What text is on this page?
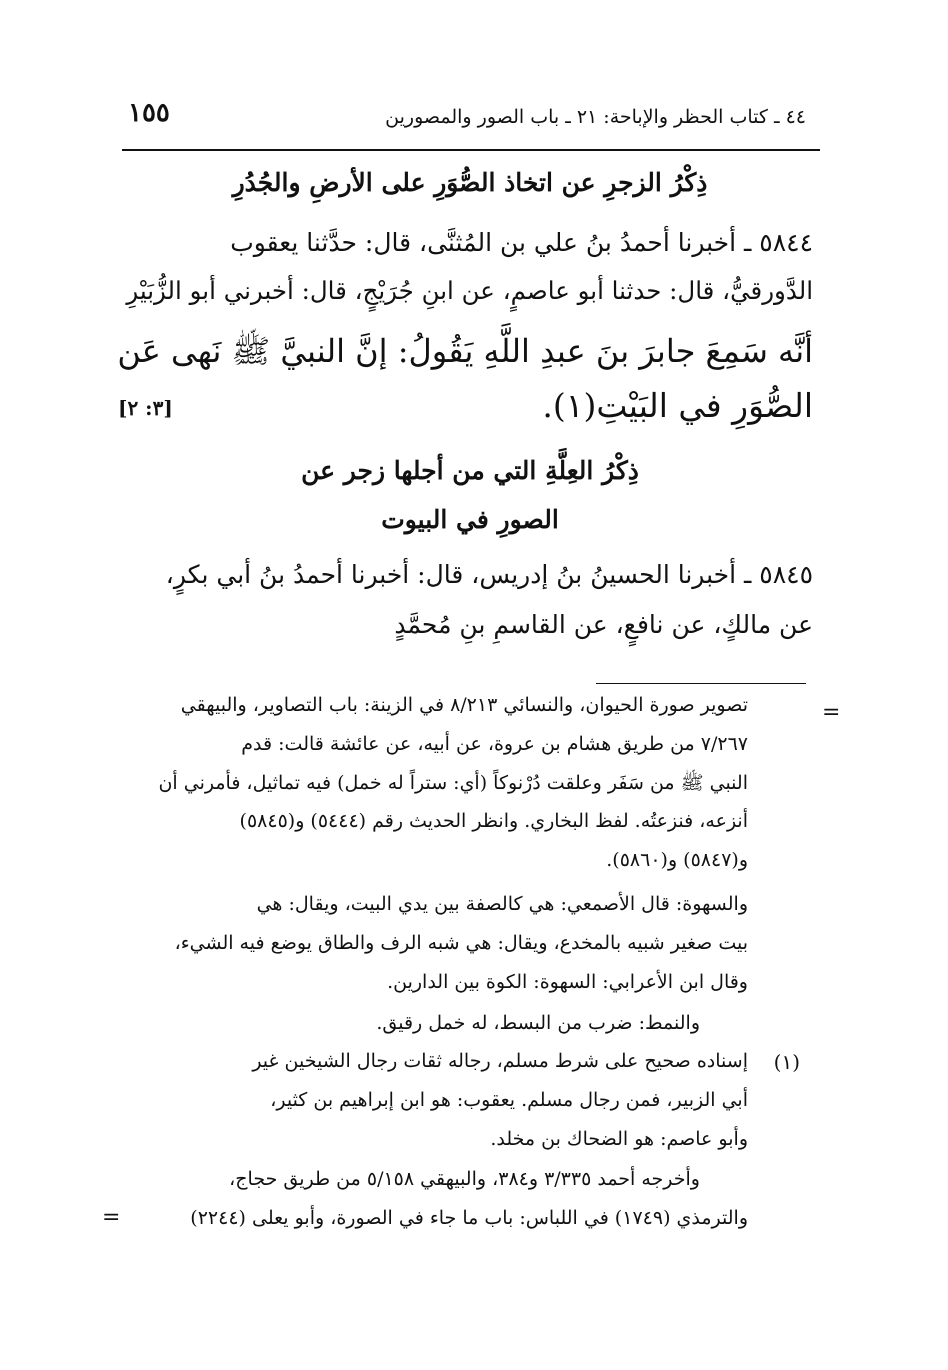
١٥٥	٤٤ ـ كتاب الحظر والإباحة: ٢١ ـ باب الصور والمصورين
ذِكْرُ الزجرِ عن اتخاذ الصُّوَرِ على الأرضِ والجُدُرِ
٥٨٤٤ ـ أخبرنا أحمدُ بنُ علي بن المُثنَّى، قال: حدَّثنا يعقوب
الدَّورقيُّ، قال: حدثنا أبو عاصمٍ، عن ابنِ جُرَيْجٍ، قال: أخبرني أبو الزُّبَيْرِ
أنَّه سَمِعَ جابرَ بنَ عبدِ اللَّهِ يَقُولُ: إنَّ النبيَّ ﷺ نَهى عَن
الصُّوَرِ في البَيْتِ(١).
[٣: ٢]
ذِكْرُ العِلَّةِ التي من أجلها زجر عن
الصورِ في البيوت
٥٨٤٥ ـ أخبرنا الحسينُ بنُ إدريس، قال: أخبرنا أحمدُ بنُ أبي بكرٍ،
عن مالكٍ، عن نافعٍ، عن القاسمِ بنِ مُحمَّدٍ
=
تصوير صورة الحيوان، والنسائي ٨/٢١٣ في الزينة: باب التصاوير، والبيهقي
٧/٢٦٧ من طريق هشام بن عروة، عن أبيه، عن عائشة قالت: قدم
النبي ﷺ من سَفَر وعلقت دُرْنوكاً (أي: ستراً له خمل) فيه تماثيل، فأمرني أن
أنزعه، فنزعتُه. لفظ البخاري. وانظر الحديث رقم (٥٤٤٤) و(٥٨٤٥)
و(٥٨٤٧) و(٥٨٦٠).
والسهوة: قال الأصمعي: هي كالصفة بين يدي البيت، ويقال: هي
بيت صغير شبيه بالمخدع، ويقال: هي شبه الرف والطاق يوضع فيه الشيء،
وقال ابن الأعرابي: السهوة: الكوة بين الدارين.
والنمط: ضرب من البسط، له خمل رقيق.
(١)
إسناده صحيح على شرط مسلم، رجاله ثقات رجال الشيخين غير
أبي الزبير، فمن رجال مسلم. يعقوب: هو ابن إبراهيم بن كثير،
وأبو عاصم: هو الضحاك بن مخلد.
وأخرجه أحمد ٣/٣٣٥ و٣٨٤، والبيهقي ٥/١٥٨ من طريق حجاج،
والترمذي (١٧٤٩) في اللباس: باب ما جاء في الصورة، وأبو يعلى (٢٢٤٤)
=
